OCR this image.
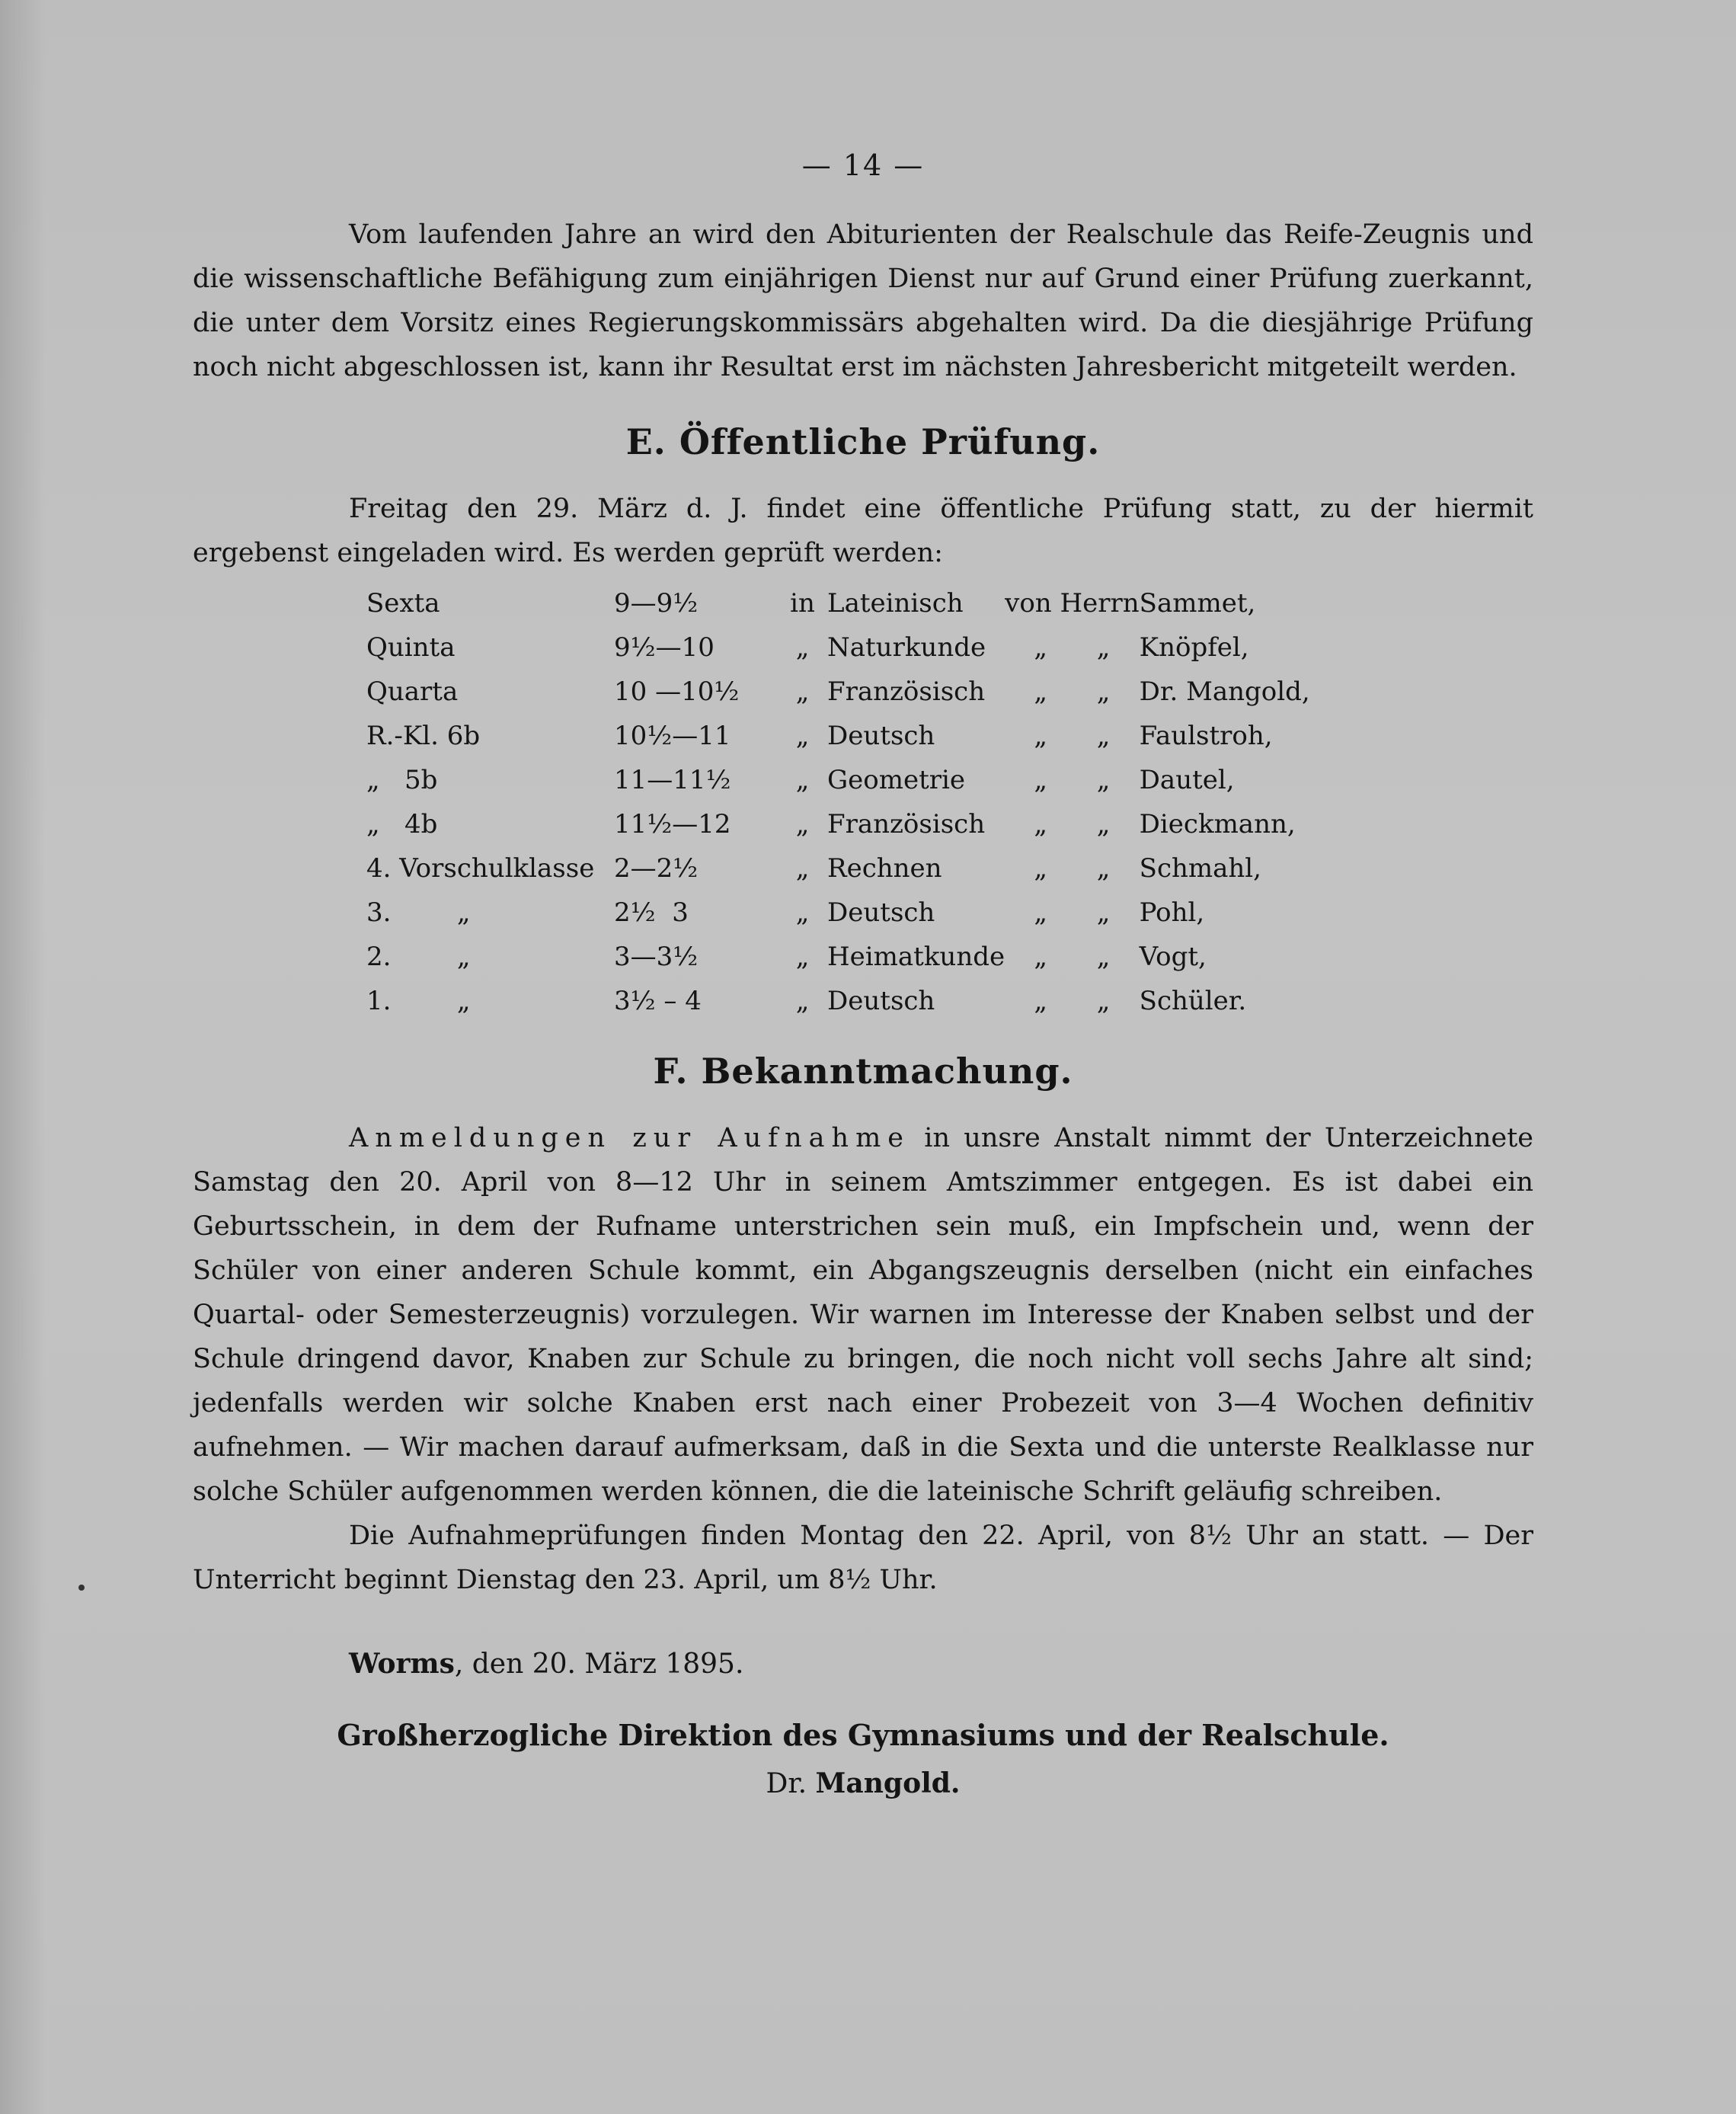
— 14 —

Vom laufenden Jahre an wird den Abiturienten der Realschule das Reife-Zeugnis und die wissenschaftliche Befähigung zum einjährigen Dienst nur auf Grund einer Prüfung zuerkannt, die unter dem Vorsitz eines Regierungskommissärs abgehalten wird. Da die diesjährige Prüfung noch nicht abgeschlossen ist, kann ihr Resultat erst im nächsten Jahresbericht mitgeteilt werden.

E. Öffentliche Prüfung.

Freitag den 29. März d. J. findet eine öffentliche Prüfung statt, zu der hiermit ergebenst eingeladen wird. Es werden geprüft werden:

Sexta	9—9½	in	Lateinisch	von Herrn	Sammet,
Quinta	9½—10	„	Naturkunde	„      „	Knöpfel,
Quarta	10 —10½	„	Französisch	„      „	Dr. Mangold,
R.-Kl. 6b	10½—11	„	Deutsch	„      „	Faulstroh,
„   5b	11—11½	„	Geometrie	„      „	Dautel,
„   4b	11½—12	„	Französisch	„      „	Dieckmann,
4. Vorschulklasse	2—2½	„	Rechnen	„      „	Schmahl,
3.        „	2½  3	„	Deutsch	„      „	Pohl,
2.        „	3—3½	„	Heimatkunde	„      „	Vogt,
1.        „	3½ – 4	„	Deutsch	„      „	Schüler.
F. Bekanntmachung.

Anmeldungen zur Aufnahme in unsre Anstalt nimmt der Unterzeichnete Samstag den 20. April von 8—12 Uhr in seinem Amtszimmer entgegen. Es ist dabei ein Geburtsschein, in dem der Rufname unterstrichen sein muß, ein Impfschein und, wenn der Schüler von einer anderen Schule kommt, ein Abgangszeugnis derselben (nicht ein einfaches Quartal- oder Semesterzeugnis) vorzulegen. Wir warnen im Interesse der Knaben selbst und der Schule dringend davor, Knaben zur Schule zu bringen, die noch nicht voll sechs Jahre alt sind; jedenfalls werden wir solche Knaben erst nach einer Probezeit von 3—4 Wochen definitiv aufnehmen. — Wir machen darauf aufmerksam, daß in die Sexta und die unterste Realklasse nur solche Schüler aufgenommen werden können, die die lateinische Schrift geläufig schreiben.

Die Aufnahmeprüfungen finden Montag den 22. April, von 8½ Uhr an statt. — Der Unterricht beginnt Dienstag den 23. April, um 8½ Uhr.

Worms, den 20. März 1895.
Großherzogliche Direktion des Gymnasiums und der Realschule.
Dr. Mangold.
